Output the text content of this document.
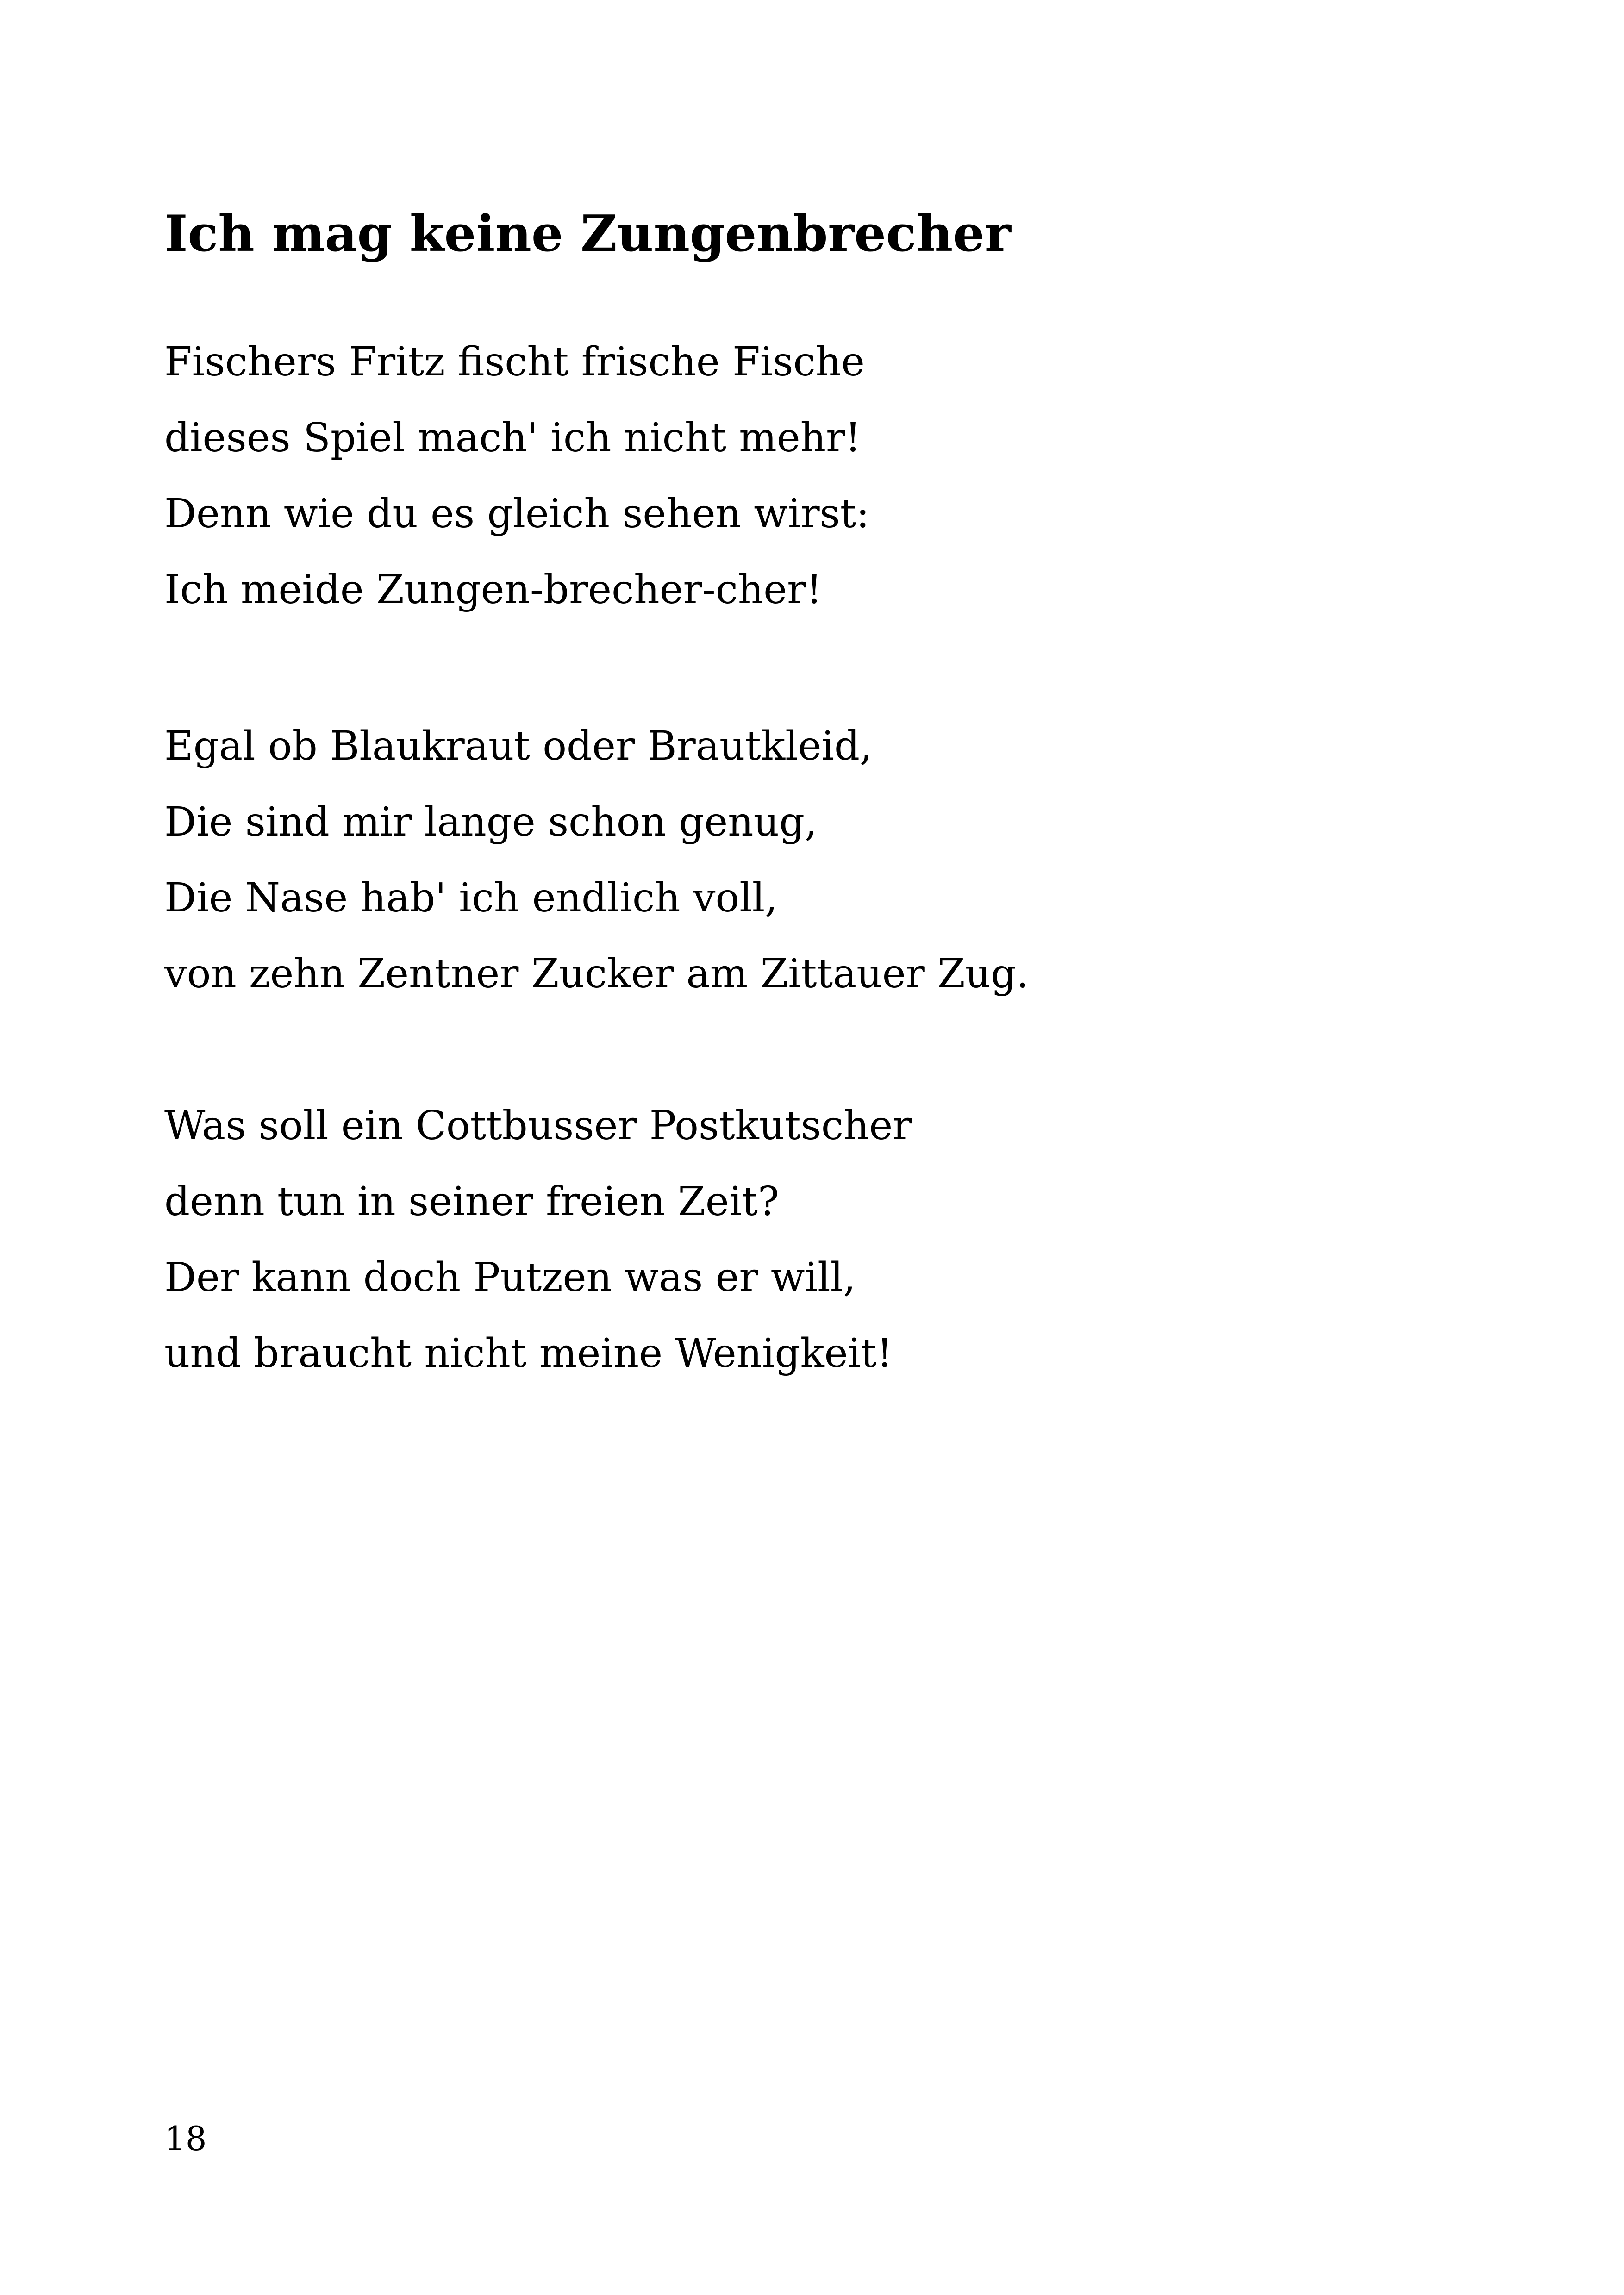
Ich mag keine Zungenbrecher
Fischers Fritz fischt frische Fische
dieses Spiel mach' ich nicht mehr!
Denn wie du es gleich sehen wirst:
Ich meide Zungen-brecher-cher!
Egal ob Blaukraut oder Brautkleid,
Die sind mir lange schon genug,
Die Nase hab' ich endlich voll,
von zehn Zentner Zucker am Zittauer Zug.
Was soll ein Cottbusser Postkutscher
denn tun in seiner freien Zeit?
Der kann doch Putzen was er will,
und braucht nicht meine Wenigkeit!
18
